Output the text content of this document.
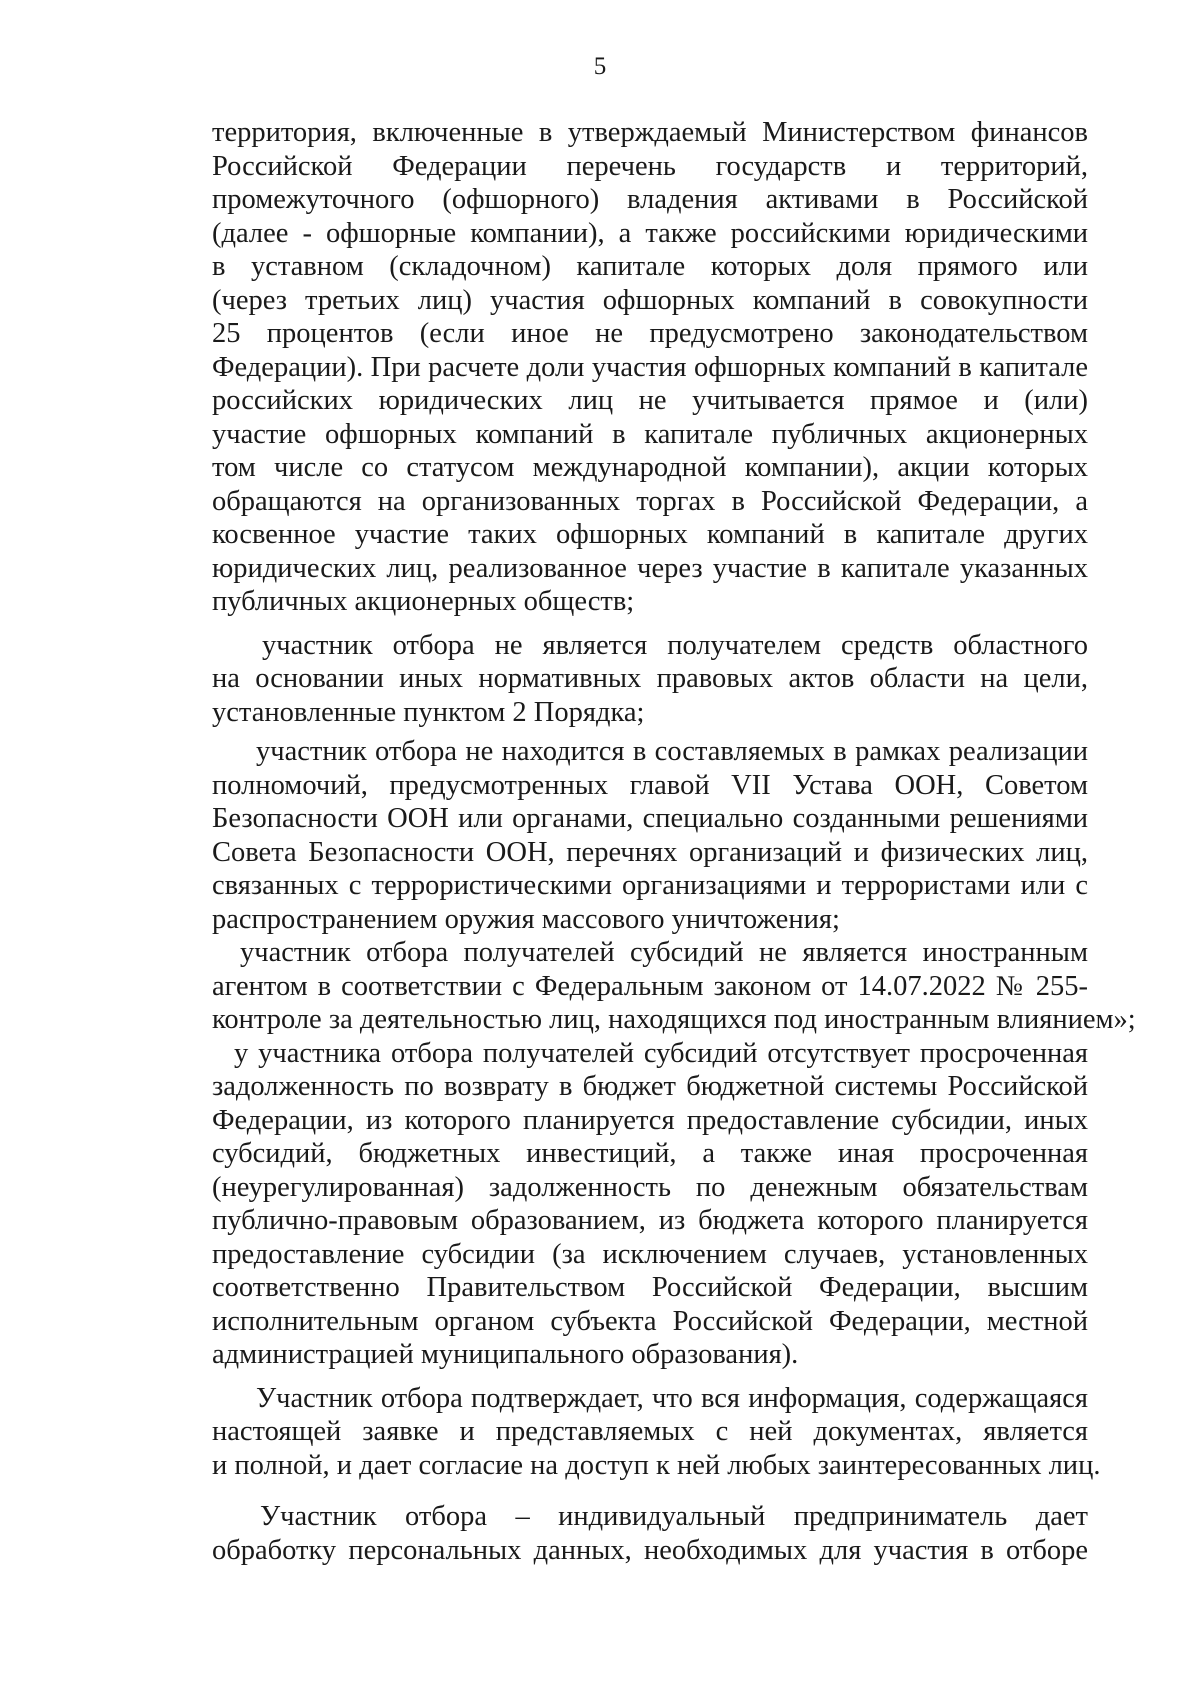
5
территория, включенные в утверждаемый Министерством финансов
Российской Федерации перечень государств и территорий,
промежуточного (офшорного) владения активами в Российской
(далее - офшорные компании), а также российскими юридическими
в уставном (складочном) капитале которых доля прямого или
(через третьих лиц) участия офшорных компаний в совокупности
25 процентов (если иное не предусмотрено законодательством
Федерации). При расчете доли участия офшорных компаний в капитале
российских юридических лиц не учитывается прямое и (или)
участие офшорных компаний в капитале публичных акционерных
том числе со статусом международной компании), акции которых
обращаются на организованных торгах в Российской Федерации, а
косвенное участие таких офшорных компаний в капитале других
юридических лиц, реализованное через участие в капитале указанных
публичных акционерных обществ;
участник отбора не является получателем средств областного
на основании иных нормативных правовых актов области на цели,
установленные пунктом 2 Порядка;
участник отбора не находится в составляемых в рамках реализации
полномочий, предусмотренных главой VII Устава ООН, Советом
Безопасности ООН или органами, специально созданными решениями
Совета Безопасности ООН, перечнях организаций и физических лиц,
связанных с террористическими организациями и террористами или с
распространением оружия массового уничтожения;
участник отбора получателей субсидий не является иностранным
агентом в соответствии с Федеральным законом от 14.07.2022 № 255-
контроле за деятельностью лиц, находящихся под иностранным влиянием»;
у участника отбора получателей субсидий отсутствует просроченная
задолженность по возврату в бюджет бюджетной системы Российской
Федерации, из которого планируется предоставление субсидии, иных
субсидий, бюджетных инвестиций, а также иная просроченная
(неурегулированная) задолженность по денежным обязательствам
публично-правовым образованием, из бюджета которого планируется
предоставление субсидии (за исключением случаев, установленных
соответственно Правительством Российской Федерации, высшим
исполнительным органом субъекта Российской Федерации, местной
администрацией муниципального образования).
Участник отбора подтверждает, что вся информация, содержащаяся
настоящей заявке и представляемых с ней документах, является
и полной, и дает согласие на доступ к ней любых заинтересованных лиц.
Участник отбора – индивидуальный предприниматель дает
обработку персональных данных, необходимых для участия в отборе
